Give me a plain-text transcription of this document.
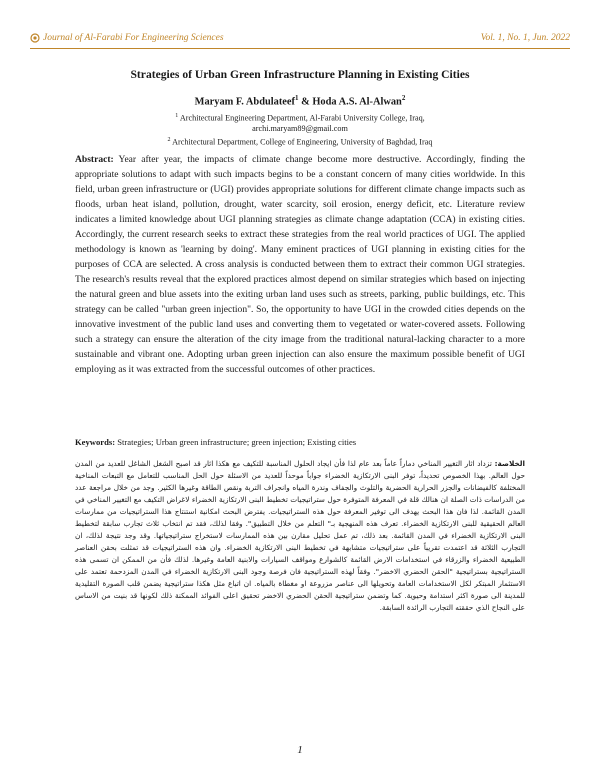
Journal of Al-Farabi For Engineering Sciences	Vol. 1, No. 1, Jun. 2022
Strategies of Urban Green Infrastructure Planning in Existing Cities
Maryam F. Abdulateef$^1$ & Hoda A.S. Al-Alwan$^2$
$^1$ Architectural Engineering Department, Al-Farabi University College, Iraq,
archi.maryam89@gmail.com
$^2$ Architectural Department, College of Engineering, University of Baghdad, Iraq

Abstract: Year after year, the impacts of climate change become more destructive. Accordingly, finding the appropriate solutions to adapt with such impacts begins to be a constant concern of many cities worldwide. In this field, urban green infrastructure or (UGI) provides appropriate solutions for different climate change impacts such as floods, urban heat island, pollution, drought, water scarcity, soil erosion, energy deficit, etc. Literature review indicates a limited knowledge about UGI planning strategies as climate change adaptation (CCA) in existing cities. Accordingly, the current research seeks to extract these strategies from the real world practices of UGI. The applied methodology is known as 'learning by doing'. Many eminent practices of UGI planning in existing cities for the purposes of CCA are selected. A cross analysis is conducted between them to extract their common UGI strategies. The research's results reveal that the explored practices almost depend on similar strategies which based on injecting the natural green and blue assets into the exiting urban land uses such as streets, parking, public buildings, etc. This strategy can be called "urban green injection". So, the opportunity to have UGI in the crowded cities depends on the innovative investment of the public land uses and converting them to vegetated or water-covered assets. Following such a strategy can ensure the alteration of the city image from the traditional natural-lacking character to a more sustainable and vibrant one. Adopting urban green injection can also ensure the maximum possible benefit of UGI employing as it was extracted from the successful outcomes of other practices.

Keywords: Strategies; Urban green infrastructure; green injection; Existing cities

الخلاصة: تزداد اثار التغيير المناخي دماراً عاماً بعد عام لذا فأن ايجاد الحلول المناسبة للتكيف مع هكذا اثار قد اصبح الشغل الشاغل للعديد من المدن حول العالم. بهذا الخصوص تحديداً، توفر البنى الارتكازية الخضراء جواباً موحداً للعديد من الاسئلة حول الحل المناسب للتعامل مع التبعات المناخية المختلفة كالفيضانات والجزر الحرارية الحضرية والتلوث والجفاف وندرة المياه وانجراف التربة ونقص الطاقة وغيرها الكثير. وجد من خلال مراجعة عدد من الدراسات ذات الصلة ان هنالك قلة في المعرفة المتوفرة حول ستراتيجيات تخطيط البنى الارتكازية الخضراء لاغراض التكيف مع التغيير المناخي في المدن القائمة. لذا فان هذا البحث يهدف الى توفير المعرفة حول هذه الستراتيجيات. يفترض البحث امكانية استنتاج هذا الستراتيجيات من ممارسات العالم الحقيقية للبنى الارتكازية الخضراء. تعرف هذه المنهجية بـ" التعلم من خلال التطبيق". وفقا لذلك، فقد تم انتخاب ثلاث تجارب سابقة لتخطيط البنى الارتكازية الخضراء في المدن القائمة. بعد ذلك، تم عمل تحليل مقارن بين هذه الممارسات لاستخراج ستراتيجياتها. وقد وجد نتيجة لذلك، ان التجارب الثلاثة قد اعتمدت تقريباً على ستراتيجيات متشابهة في تخطيط البنى الارتكازية الخضراء. وان هذه الستراتيجيات قد تمثلت بحقن العناصر الطبيعية الخضراء والزرقاء في استخدامات الارض القائمة كالشوارع ومواقف السيارات والابنية العامة وغيرها. لذلك فأن من الممكن ان تسمى هذه الستراتيجية بستراتيجية "الحقن الحضري الاخضر". وفقاً لهذه الستراتيجية فان فرصة وجود البنى الارتكازية الخضراء في المدن المزدحمة تعتمد على الاستثمار المبتكر لكل الاستخدامات العامة وتحويلها الى عناصر مزروعة او مغطاة بالمياه. ان اتباع مثل هكذا ستراتيجية يضمن قلب الصورة التقليدية للمدينة الى صورة اكثر استدامة وحيوية. كما وتضمن ستراتيجية الحقن الحضري الاخضر تحقيق اعلى الفوائد الممكنة ذلك لكونها قد بنيت من الاساس على النجاح الذي حققته التجارب الرائدة السابقة.

1
